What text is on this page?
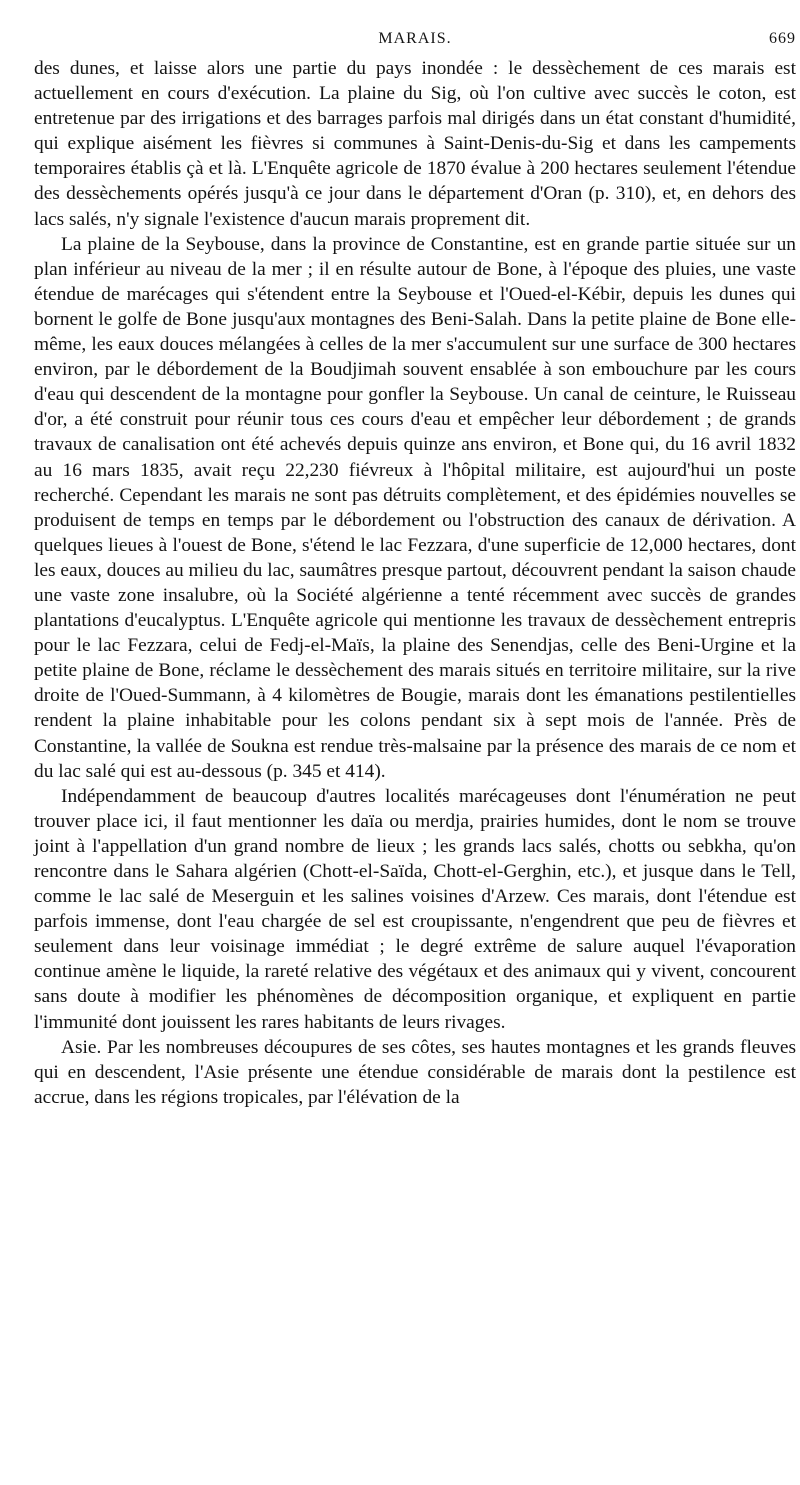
MARAIS.	669

des dunes, et laisse alors une partie du pays inondée : le dessèchement de ces marais est actuellement en cours d'exécution. La plaine du Sig, où l'on cultive avec succès le coton, est entretenue par des irrigations et des barrages parfois mal dirigés dans un état constant d'humidité, qui explique aisément les fièvres si communes à Saint-Denis-du-Sig et dans les campements temporaires établis çà et là. L'Enquête agricole de 1870 évalue à 200 hectares seulement l'étendue des dessèchements opérés jusqu'à ce jour dans le département d'Oran (p. 310), et, en dehors des lacs salés, n'y signale l'existence d'aucun marais proprement dit.

La plaine de la Seybouse, dans la province de Constantine, est en grande partie située sur un plan inférieur au niveau de la mer ; il en résulte autour de Bone, à l'époque des pluies, une vaste étendue de marécages qui s'étendent entre la Seybouse et l'Oued-el-Kébir, depuis les dunes qui bornent le golfe de Bone jusqu'aux montagnes des Beni-Salah. Dans la petite plaine de Bone elle-même, les eaux douces mélangées à celles de la mer s'accumulent sur une surface de 300 hectares environ, par le débordement de la Boudjimah souvent ensablée à son embouchure par les cours d'eau qui descendent de la montagne pour gonfler la Seybouse. Un canal de ceinture, le Ruisseau d'or, a été construit pour réunir tous ces cours d'eau et empêcher leur débordement ; de grands travaux de canalisation ont été achevés depuis quinze ans environ, et Bone qui, du 16 avril 1832 au 16 mars 1835, avait reçu 22,230 fiévreux à l'hôpital militaire, est aujourd'hui un poste recherché. Cependant les marais ne sont pas détruits complètement, et des épidémies nouvelles se produisent de temps en temps par le débordement ou l'obstruction des canaux de dérivation. A quelques lieues à l'ouest de Bone, s'étend le lac Fezzara, d'une superficie de 12,000 hectares, dont les eaux, douces au milieu du lac, saumâtres presque partout, découvrent pendant la saison chaude une vaste zone insalubre, où la Société algérienne a tenté récemment avec succès de grandes plantations d'eucalyptus. L'Enquête agricole qui mentionne les travaux de dessèchement entrepris pour le lac Fezzara, celui de Fedj-el-Maïs, la plaine des Senendjas, celle des Beni-Urgine et la petite plaine de Bone, réclame le dessèchement des marais situés en territoire militaire, sur la rive droite de l'Oued-Summann, à 4 kilomètres de Bougie, marais dont les émanations pestilentielles rendent la plaine inhabitable pour les colons pendant six à sept mois de l'année. Près de Constantine, la vallée de Soukna est rendue très-malsaine par la présence des marais de ce nom et du lac salé qui est au-dessous (p. 345 et 414).

Indépendamment de beaucoup d'autres localités marécageuses dont l'énumération ne peut trouver place ici, il faut mentionner les daïa ou merdja, prairies humides, dont le nom se trouve joint à l'appellation d'un grand nombre de lieux ; les grands lacs salés, chotts ou sebkha, qu'on rencontre dans le Sahara algérien (Chott-el-Saïda, Chott-el-Gerghin, etc.), et jusque dans le Tell, comme le lac salé de Meserguin et les salines voisines d'Arzew. Ces marais, dont l'étendue est parfois immense, dont l'eau chargée de sel est croupissante, n'engendrent que peu de fièvres et seulement dans leur voisinage immédiat ; le degré extrême de salure auquel l'évaporation continue amène le liquide, la rareté relative des végétaux et des animaux qui y vivent, concourent sans doute à modifier les phénomènes de décomposition organique, et expliquent en partie l'immunité dont jouissent les rares habitants de leurs rivages.

Asie. Par les nombreuses découpures de ses côtes, ses hautes montagnes et les grands fleuves qui en descendent, l'Asie présente une étendue considérable de marais dont la pestilence est accrue, dans les régions tropicales, par l'élévation de la
